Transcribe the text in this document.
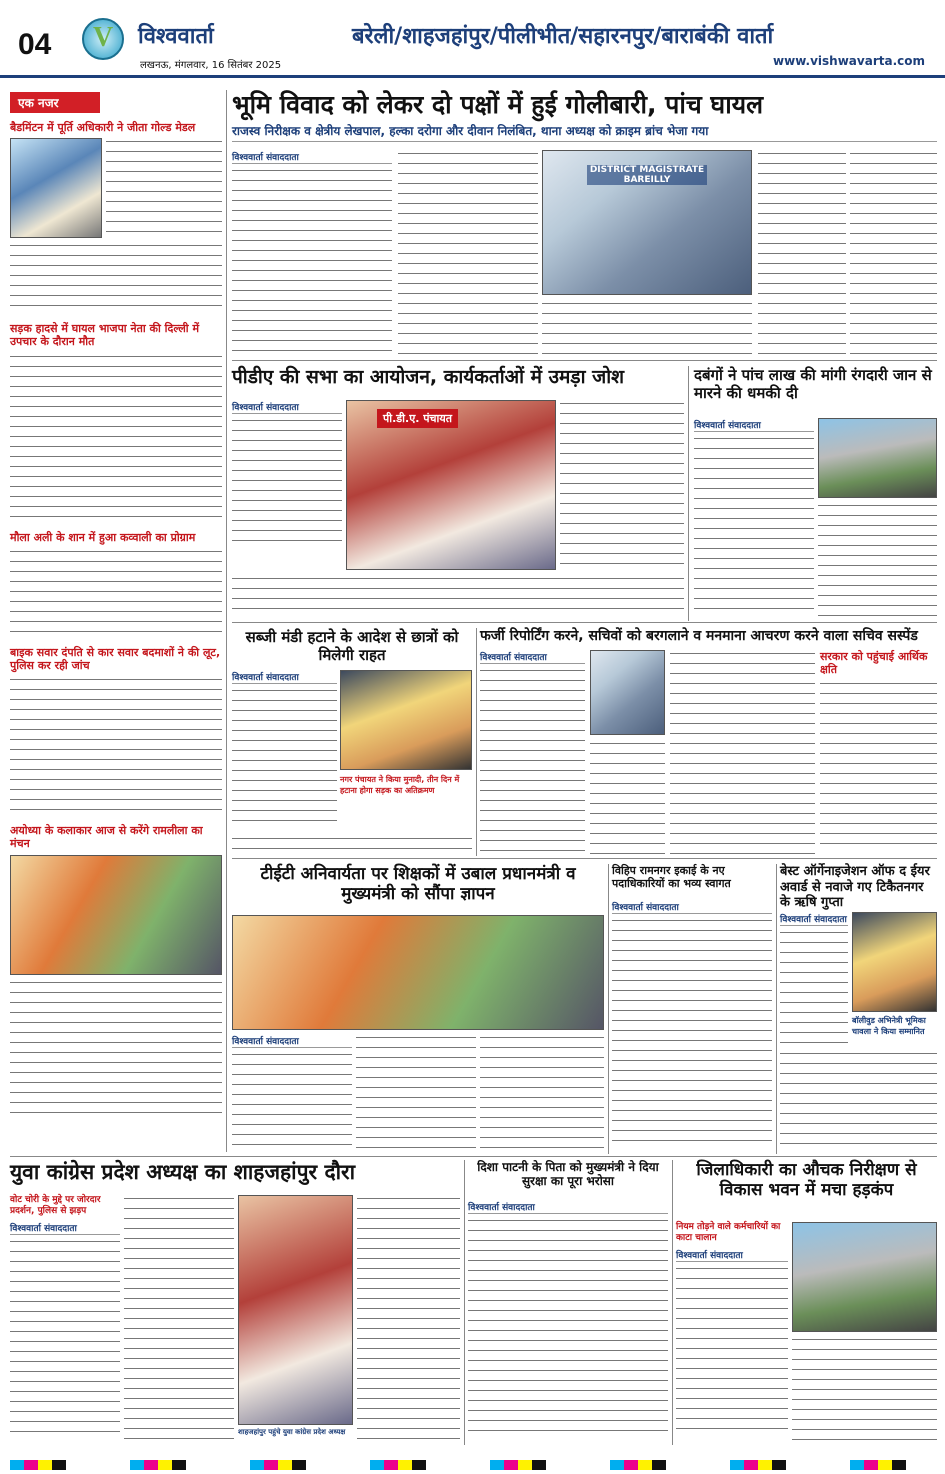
04 V विश्ववार्ता
लखनऊ, मंगलवार, 16 सितंबर 2025
बरेली/शाहजहांपुर/पीलीभीत/सहारनपुर/बाराबंकी वार्ता
www.vishwavarta.com
एक नजर
बैडमिंटन में पूर्ति अधिकारी ने जीता गोल्ड मेडल
सड़क हादसे में घायल भाजपा नेता की दिल्ली में उपचार के दौरान मौत
मौला अली के शान में हुआ कव्वाली का प्रोग्राम
बाइक सवार दंपति से कार सवार बदमाशों ने की लूट, पुलिस कर रही जांच
अयोध्या के कलाकार आज से करेंगे रामलीला का मंचन
भूमि विवाद को लेकर दो पक्षों में हुई गोलीबारी, पांच घायल
राजस्व निरीक्षक व क्षेत्रीय लेखपाल, हल्का दरोगा और दीवान निलंबित, थाना अध्यक्ष को क्राइम ब्रांच भेजा गया
विश्ववार्ता संवाददाता
DISTRICT MAGISTRATE BAREILLY
पीडीए की सभा का आयोजन, कार्यकर्ताओं में उमड़ा जोश
विश्ववार्ता संवाददाता
पी.डी.ए. पंचायत
दबंगों ने पांच लाख की मांगी रंगदारी जान से मारने की धमकी दी
विश्ववार्ता संवाददाता
सब्जी मंडी हटाने के आदेश से छात्रों को मिलेगी राहत
विश्ववार्ता संवाददाता
नगर पंचायत ने किया मुनादी, तीन दिन में हटाना होगा सड़क का अतिक्रमण
फर्जी रिपोर्टिंग करने, सचिवों को बरगलाने व मनमाना आचरण करने वाला सचिव सस्पेंड
विश्ववार्ता संवाददाता	सरकार को पहुंचाई आर्थिक क्षति
टीईटी अनिवार्यता पर शिक्षकों में उबाल प्रधानमंत्री व मुख्यमंत्री को सौंपा ज्ञापन
विश्ववार्ता संवाददाता
विहिप रामनगर इकाई के नए पदाधिकारियों का भव्य स्वागत
विश्ववार्ता संवाददाता
बेस्ट ऑर्गेनाइजेशन ऑफ द ईयर अवार्ड से नवाजे गए टिकैतनगर के ऋषि गुप्ता
विश्ववार्ता संवाददाता
बॉलीवुड अभिनेत्री भूमिका चावला ने किया सम्मानित
युवा कांग्रेस प्रदेश अध्यक्ष का शाहजहांपुर दौरा
वोट चोरी के मुद्दे पर जोरदार प्रदर्शन, पुलिस से झड़प
विश्ववार्ता संवाददाता
शाहजहांपुर पहुंचे युवा कांग्रेस प्रदेश अध्यक्ष
दिशा पाटनी के पिता को मुख्यमंत्री ने दिया सुरक्षा का पूरा भरोसा
विश्ववार्ता संवाददाता
जिलाधिकारी का औचक निरीक्षण से विकास भवन में मचा हड़कंप
नियम तोड़ने वाले कर्मचारियों का काटा चालान
विश्ववार्ता संवाददाता
